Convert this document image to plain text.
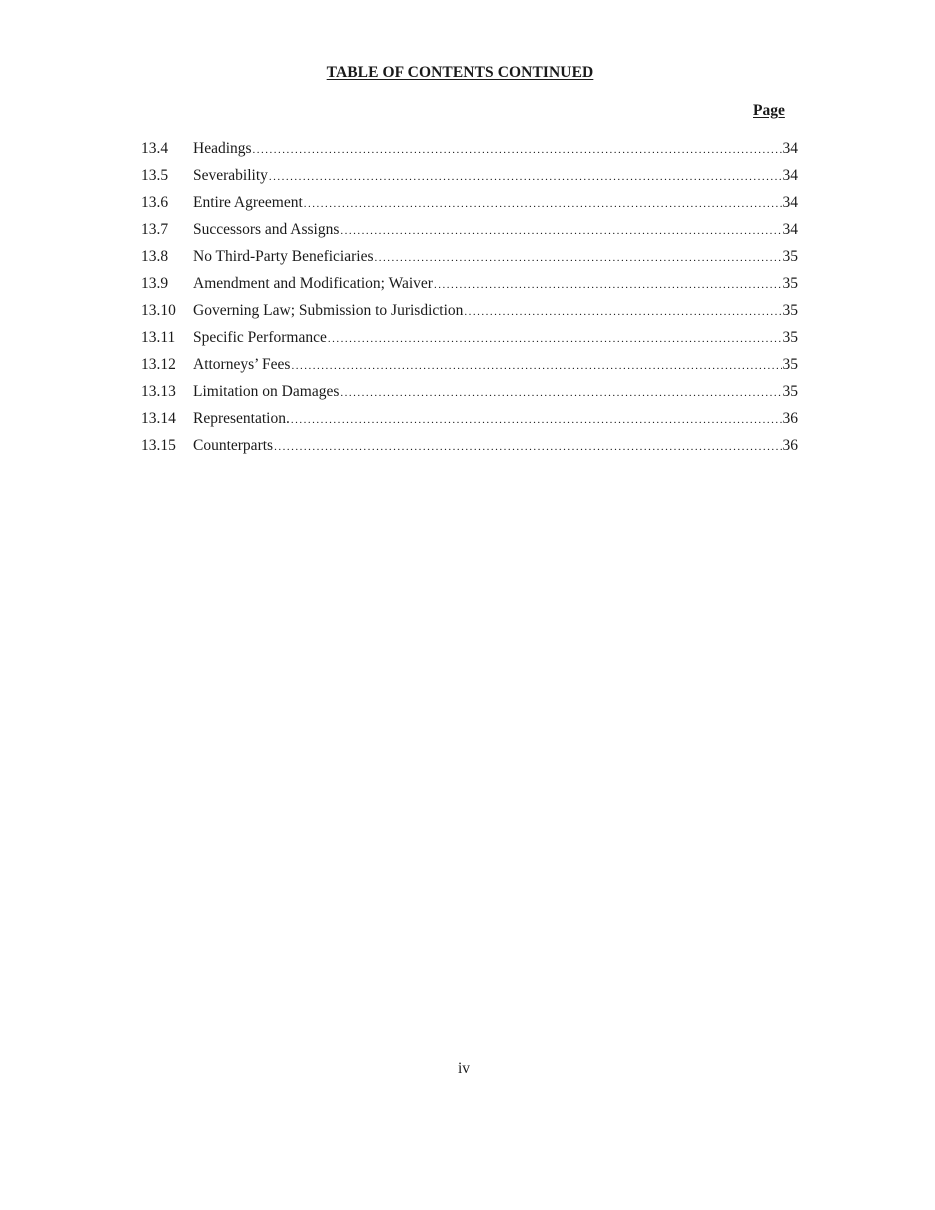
TABLE OF CONTENTS CONTINUED
Page
13.4	Headings .....	34
13.5	Severability .....	34
13.6	Entire Agreement .....	34
13.7	Successors and Assigns .....	34
13.8	No Third-Party Beneficiaries .....	35
13.9	Amendment and Modification; Waiver .....	35
13.10	Governing Law; Submission to Jurisdiction .....	35
13.11	Specific Performance .....	35
13.12	Attorneys’ Fees .....	35
13.13	Limitation on Damages .....	35
13.14	Representation. .....	36
13.15	Counterparts .....	36
iv
